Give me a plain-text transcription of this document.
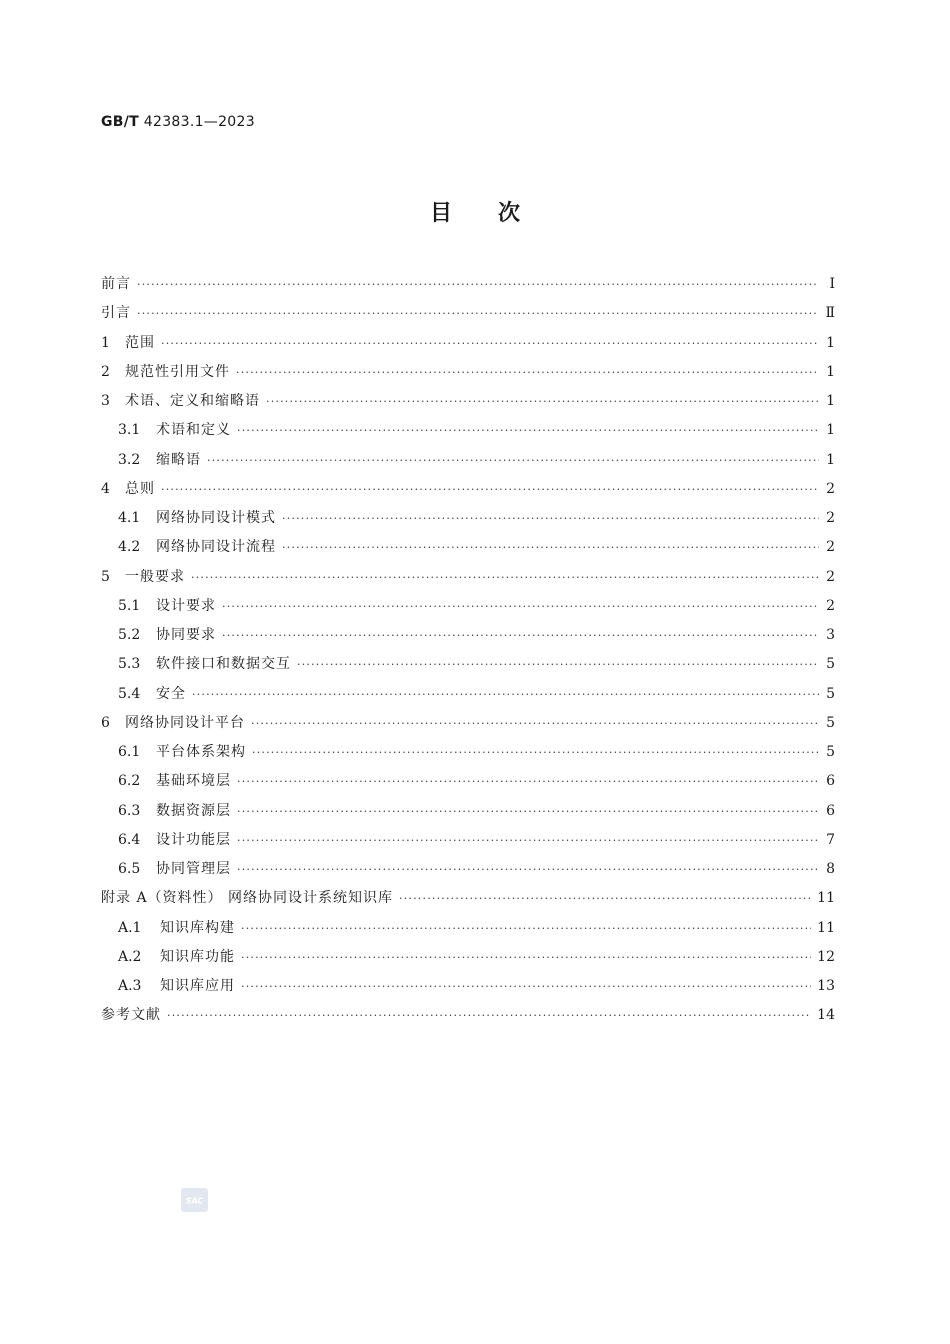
GB/T 42383.1—2023
目次
前言 ·····	Ⅰ
引言 ·····	Ⅱ
1	范围 ·····	1
2	规范性引用文件 ·····	1
3	术语、定义和缩略语 ·····	1
3.1	术语和定义 ·····	1
3.2	缩略语 ·····	1
4	总则 ·····	2
4.1	网络协同设计模式 ·····	2
4.2	网络协同设计流程 ·····	2
5	一般要求 ·····	2
5.1	设计要求 ·····	2
5.2	协同要求 ·····	3
5.3	软件接口和数据交互 ·····	5
5.4	安全 ·····	5
6	网络协同设计平台 ·····	5
6.1	平台体系架构 ·····	5
6.2	基础环境层 ·····	6
6.3	数据资源层 ·····	6
6.4	设计功能层 ·····	7
6.5	协同管理层 ·····	8
附录 A（资料性） 网络协同设计系统知识库 ·····	11
A.1	知识库构建 ·····	11
A.2	知识库功能 ·····	12
A.3	知识库应用 ·····	13
参考文献 ·····	14
SAC
